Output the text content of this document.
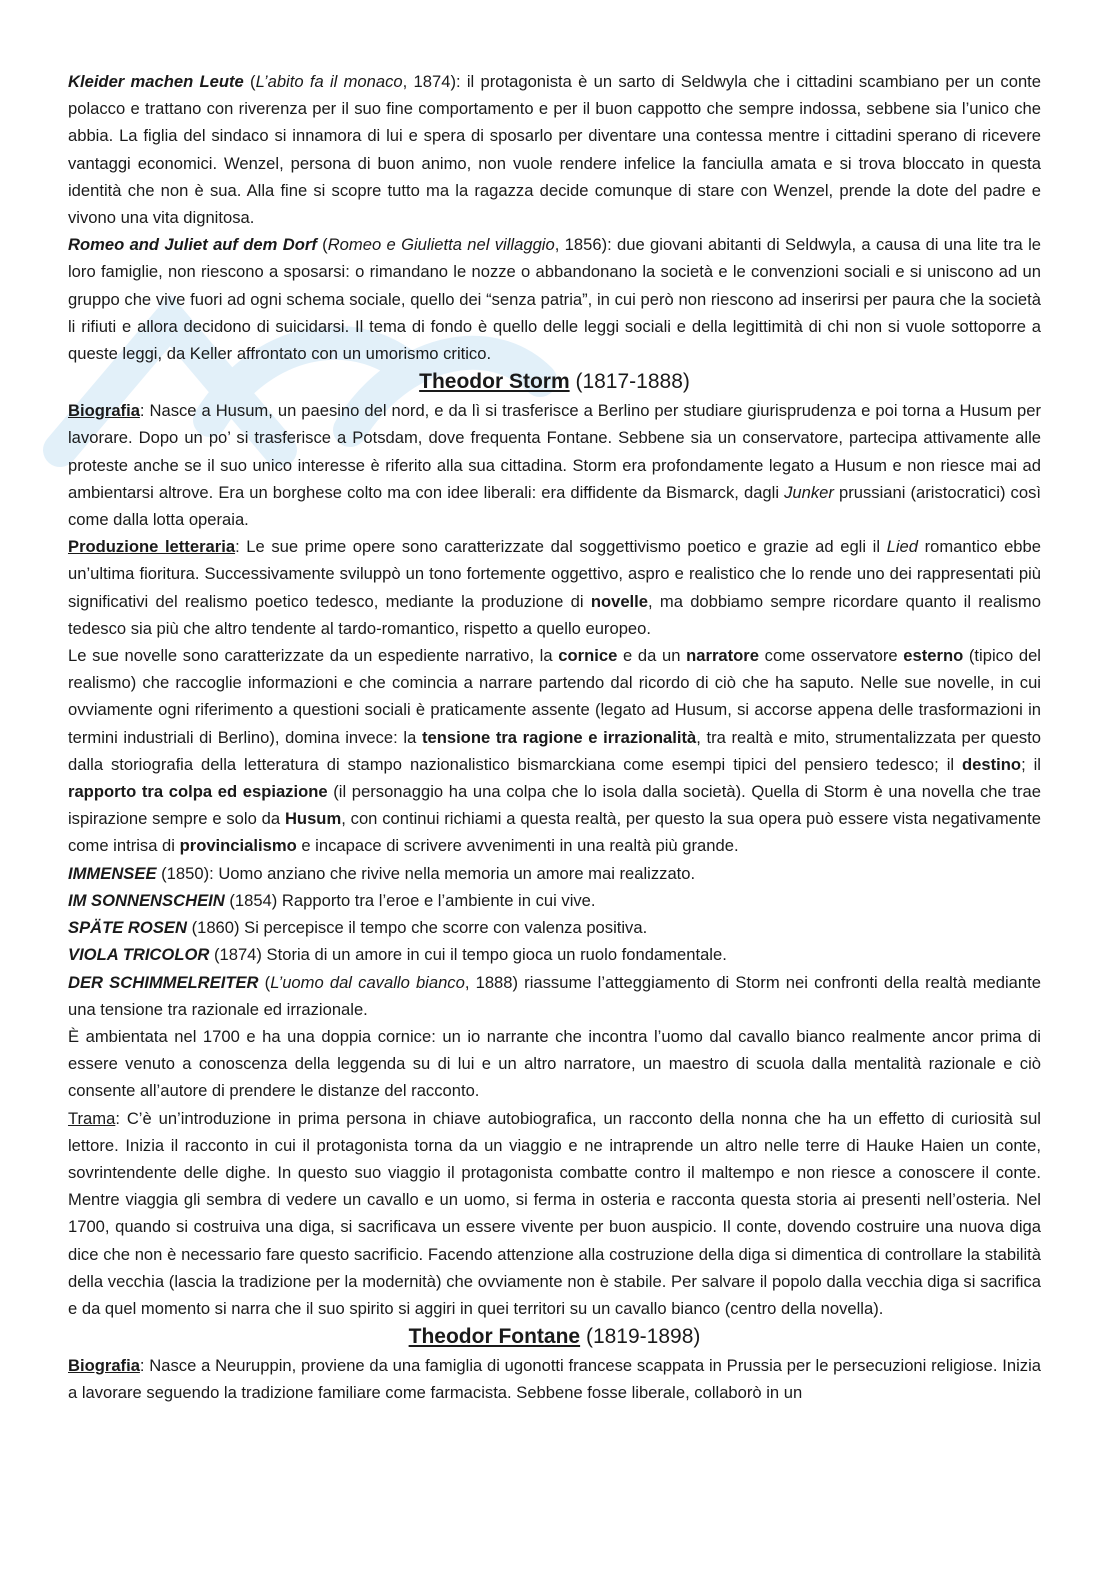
Kleider machen Leute (L’abito fa il monaco, 1874): il protagonista è un sarto di Seldwyla che i cittadini scambiano per un conte polacco e trattano con riverenza per il suo fine comportamento e per il buon cappotto che sempre indossa, sebbene sia l’unico che abbia. La figlia del sindaco si innamora di lui e spera di sposarlo per diventare una contessa mentre i cittadini sperano di ricevere vantaggi economici. Wenzel, persona di buon animo, non vuole rendere infelice la fanciulla amata e si trova bloccato in questa identità che non è sua. Alla fine si scopre tutto ma la ragazza decide comunque di stare con Wenzel, prende la dote del padre e vivono una vita dignitosa.

Romeo and Juliet auf dem Dorf (Romeo e Giulietta nel villaggio, 1856): due giovani abitanti di Seldwyla, a causa di una lite tra le loro famiglie, non riescono a sposarsi: o rimandano le nozze o abbandonano la società e le convenzioni sociali e si uniscono ad un gruppo che vive fuori ad ogni schema sociale, quello dei “senza patria”, in cui però non riescono ad inserirsi per paura che la società li rifiuti e allora decidono di suicidarsi. Il tema di fondo è quello delle leggi sociali e della legittimità di chi non si vuole sottoporre a queste leggi, da Keller affrontato con un umorismo critico.

Theodor Storm (1817-1888)

Biografia: Nasce a Husum, un paesino del nord, e da lì si trasferisce a Berlino per studiare giurisprudenza e poi torna a Husum per lavorare. Dopo un po’ si trasferisce a Potsdam, dove frequenta Fontane. Sebbene sia un conservatore, partecipa attivamente alle proteste anche se il suo unico interesse è riferito alla sua cittadina. Storm era profondamente legato a Husum e non riesce mai ad ambientarsi altrove. Era un borghese colto ma con idee liberali: era diffidente da Bismarck, dagli Junker prussiani (aristocratici) così come dalla lotta operaia.

Produzione letteraria: Le sue prime opere sono caratterizzate dal soggettivismo poetico e grazie ad egli il Lied romantico ebbe un’ultima fioritura. Successivamente sviluppò un tono fortemente oggettivo, aspro e realistico che lo rende uno dei rappresentati più significativi del realismo poetico tedesco, mediante la produzione di novelle, ma dobbiamo sempre ricordare quanto il realismo tedesco sia più che altro tendente al tardo-romantico, rispetto a quello europeo.

Le sue novelle sono caratterizzate da un espediente narrativo, la cornice e da un narratore come osservatore esterno (tipico del realismo) che raccoglie informazioni e che comincia a narrare partendo dal ricordo di ciò che ha saputo. Nelle sue novelle, in cui ovviamente ogni riferimento a questioni sociali è praticamente assente (legato ad Husum, si accorse appena delle trasformazioni in termini industriali di Berlino), domina invece: la tensione tra ragione e irrazionalità, tra realtà e mito, strumentalizzata per questo dalla storiografia della letteratura di stampo nazionalistico bismarckiana come esempi tipici del pensiero tedesco; il destino; il rapporto tra colpa ed espiazione (il personaggio ha una colpa che lo isola dalla società). Quella di Storm è una novella che trae ispirazione sempre e solo da Husum, con continui richiami a questa realtà, per questo la sua opera può essere vista negativamente come intrisa di provincialismo e incapace di scrivere avvenimenti in una realtà più grande.

IMMENSEE (1850): Uomo anziano che rivive nella memoria un amore mai realizzato.

IM SONNENSCHEIN (1854) Rapporto tra l’eroe e l’ambiente in cui vive.

SPÄTE ROSEN (1860) Si percepisce il tempo che scorre con valenza positiva.

VIOLA TRICOLOR (1874) Storia di un amore in cui il tempo gioca un ruolo fondamentale.

DER SCHIMMELREITER (L’uomo dal cavallo bianco, 1888) riassume l’atteggiamento di Storm nei confronti della realtà mediante una tensione tra razionale ed irrazionale.

È ambientata nel 1700 e ha una doppia cornice: un io narrante che incontra l’uomo dal cavallo bianco realmente ancor prima di essere venuto a conoscenza della leggenda su di lui e un altro narratore, un maestro di scuola dalla mentalità razionale e ciò consente all’autore di prendere le distanze del racconto.

Trama: C’è un’introduzione in prima persona in chiave autobiografica, un racconto della nonna che ha un effetto di curiosità sul lettore. Inizia il racconto in cui il protagonista torna da un viaggio e ne intraprende un altro nelle terre di Hauke Haien un conte, sovrintendente delle dighe. In questo suo viaggio il protagonista combatte contro il maltempo e non riesce a conoscere il conte. Mentre viaggia gli sembra di vedere un cavallo e un uomo, si ferma in osteria e racconta questa storia ai presenti nell’osteria. Nel 1700, quando si costruiva una diga, si sacrificava un essere vivente per buon auspicio. Il conte, dovendo costruire una nuova diga dice che non è necessario fare questo sacrificio. Facendo attenzione alla costruzione della diga si dimentica di controllare la stabilità della vecchia (lascia la tradizione per la modernità) che ovviamente non è stabile. Per salvare il popolo dalla vecchia diga si sacrifica e da quel momento si narra che il suo spirito si aggiri in quei territori su un cavallo bianco (centro della novella).

Theodor Fontane (1819-1898)

Biografia: Nasce a Neuruppin, proviene da una famiglia di ugonotti francese scappata in Prussia per le persecuzioni religiose. Inizia a lavorare seguendo la tradizione familiare come farmacista. Sebbene fosse liberale, collaborò in un
